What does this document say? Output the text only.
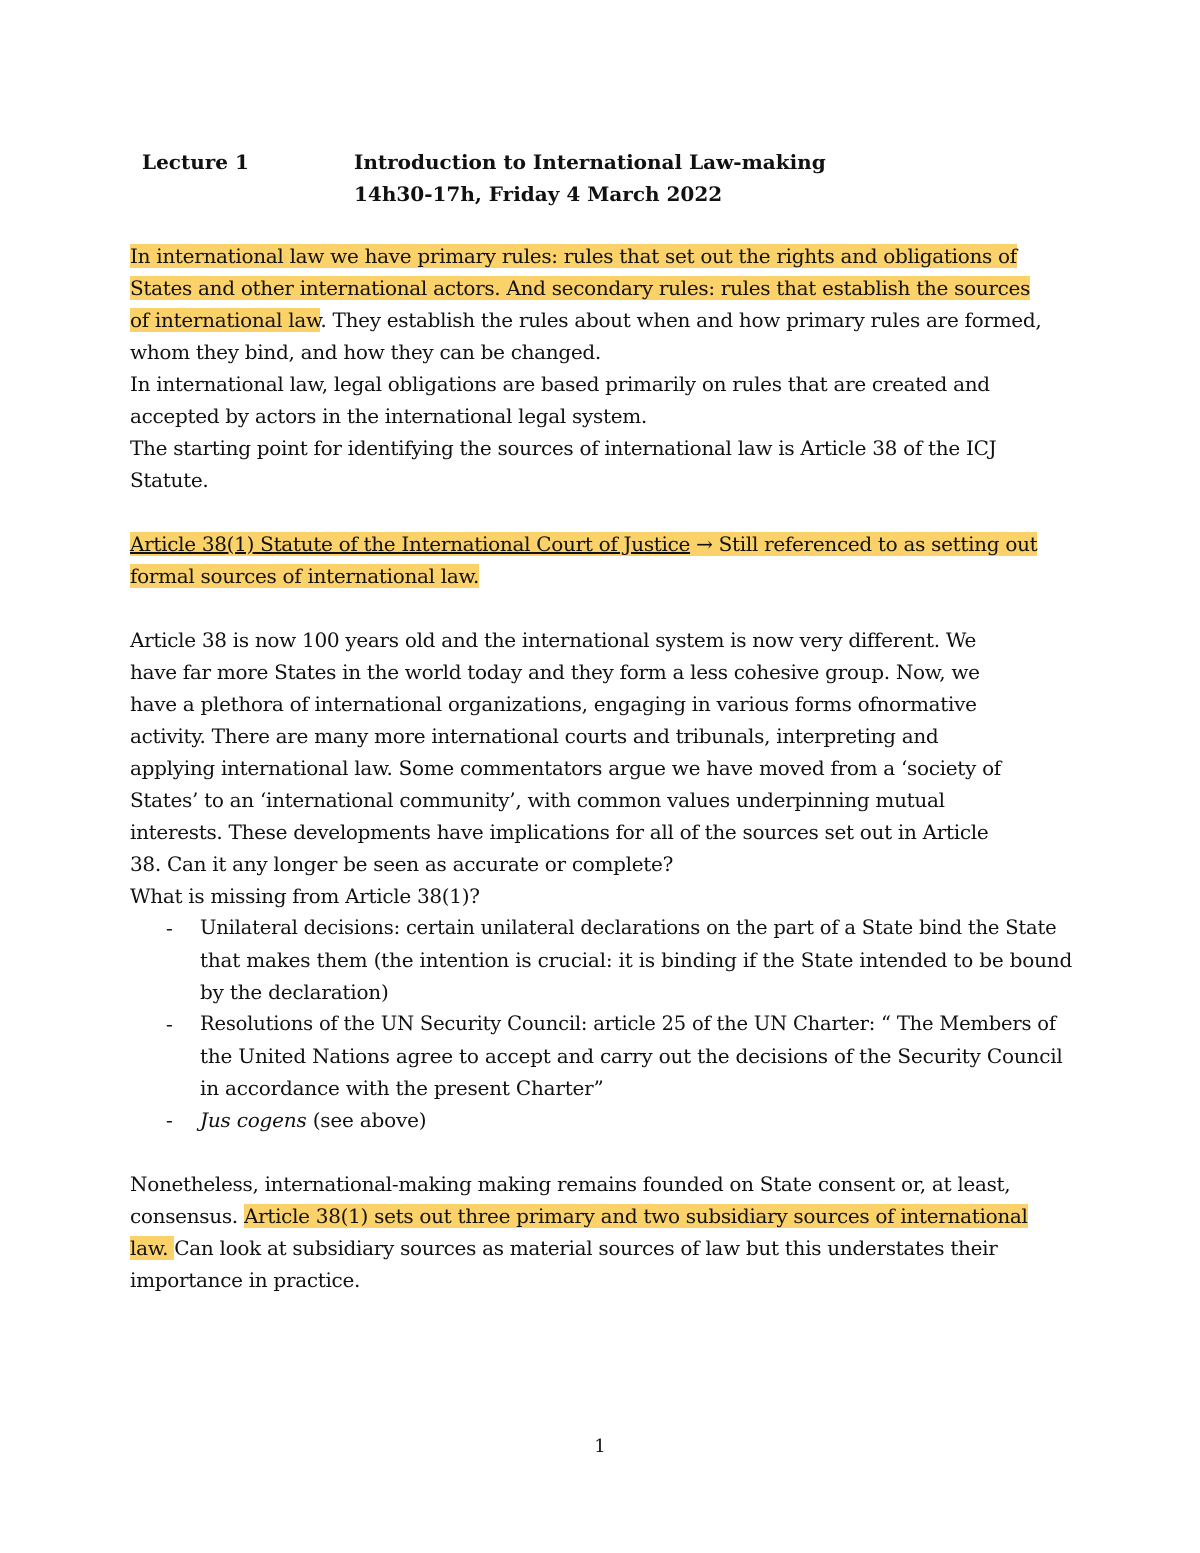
Lecture 1	Introduction to International Law-making
14h30-17h, Friday 4 March 2022
In international law we have primary rules: rules that set out the rights and obligations of
States and other international actors. And secondary rules: rules that establish the sources
of international law. They establish the rules about when and how primary rules are formed,
whom they bind, and how they can be changed.
In international law, legal obligations are based primarily on rules that are created and
accepted by actors in the international legal system.
The starting point for identifying the sources of international law is Article 38 of the ICJ
Statute.
Article 38(1) Statute of the International Court of Justice → Still referenced to as setting out
formal sources of international law.
Article 38 is now 100 years old and the international system is now very different. We
have far more States in the world today and they form a less cohesive group. Now, we
have a plethora of international organizations, engaging in various forms ofnormative
activity. There are many more international courts and tribunals, interpreting and
applying international law. Some commentators argue we have moved from a ‘society of
States’ to an ‘international community’, with common values underpinning mutual
interests. These developments have implications for all of the sources set out in Article
38. Can it any longer be seen as accurate or complete?
What is missing from Article 38(1)?
- Unilateral decisions: certain unilateral declarations on the part of a State bind the State
that makes them (the intention is crucial: it is binding if the State intended to be bound
by the declaration)
- Resolutions of the UN Security Council: article 25 of the UN Charter: “ The Members of
the United Nations agree to accept and carry out the decisions of the Security Council
in accordance with the present Charter”
- Jus cogens (see above)
Nonetheless, international-making making remains founded on State consent or, at least,
consensus. Article 38(1) sets out three primary and two subsidiary sources of international
law. Can look at subsidiary sources as material sources of law but this understates their
importance in practice.
1
